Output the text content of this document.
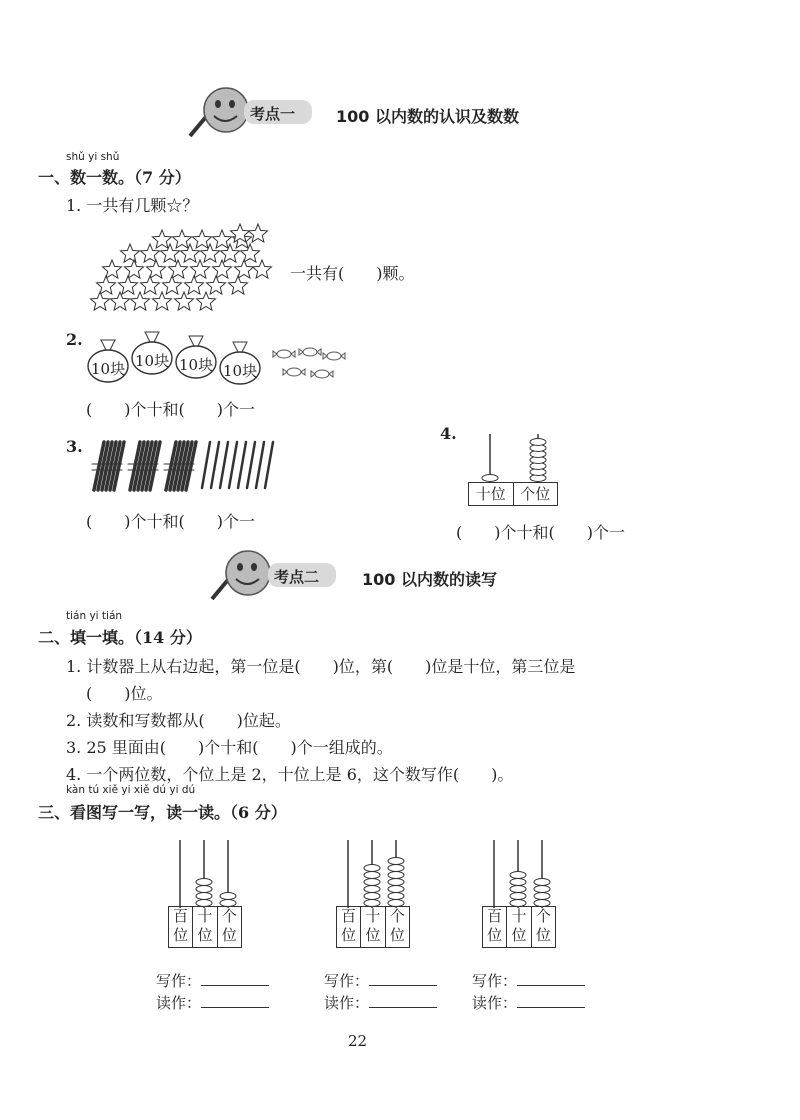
考点一	100 以内数的认识及数数
shǔ yi shǔ
一、数一数。（7 分）
1. 一共有几颗☆？
一共有(　　)颗。
2.
10块 10块 10块 10块
(　　)个十和(　　)个一
3.
(　　)个十和(　　)个一
4.
十位 个位
(　　)个十和(　　)个一
考点二	100 以内数的读写
tián yi tián
二、填一填。（14 分）
1. 计数器上从右边起，第一位是(　　)位，第(　　)位是十位，第三位是
(　　)位。
2. 读数和写数都从(　　)位起。
3. 25 里面由(　　)个十和(　　)个一组成的。
4. 一个两位数，个位上是 2，十位上是 6，这个数写作(　　)。
kàn tú xiě yi xiě dú yi dú
三、看图写一写，读一读。（6 分）
百
位
十
位
个
位
百
位
十
位
个
位
百
位
十
位
个
位
写作：
读作：
写作：
读作：
写作：
读作：
22
